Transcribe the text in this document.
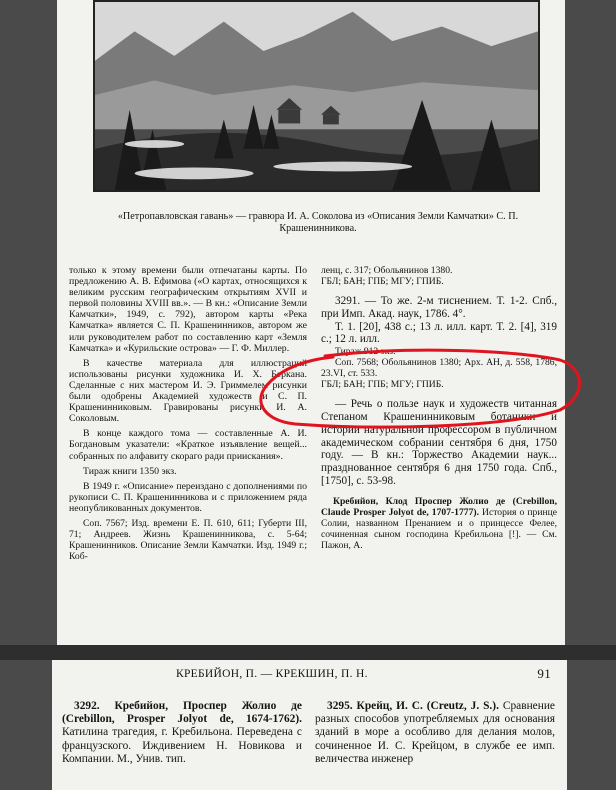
«Петропавловская гавань» — гравюра И. А. Соколова из «Описания Земли Камчатки» С. П. Крашенинникова.

только к этому времени были отпечатаны карты. По предложению А. В. Ефимова («О картах, относящихся к великим русским географическим открытиям XVII и первой половины XVIII вв.». — В кн.: «Описание Земли Камчатки», 1949, с. 792), автором карты «Река Камчатка» является С. П. Крашенинников, автором же или руководителем работ по составлению карт «Земля Камчатка» и «Курильские острова» — Г. Ф. Миллер.

В качестве материала для иллюстраций использованы рисунки художника И. Х. Беркана. Сделанные с них мастером И. Э. Гриммелем рисунки были одобрены Академией художеств и С. П. Крашенинниковым. Гравированы рисунки И. А. Соколовым.

В конце каждого тома — составленные А. И. Богдановым указатели: «Краткое изъявление вещей... собранных по алфавиту скораго ради приискания».

Тираж книги 1350 экз.

В 1949 г. «Описание» переиздано с дополнениями по рукописи С. П. Крашенинникова и с приложением ряда неопубликованных документов.

Соп. 7567; Изд. времени Е. П. 610, 611; Губерти III, 71; Андреев. Жизнь Крашенинникова, с. 5-64; Крашенинников. Описание Земли Камчатки. Изд. 1949 г.; Коб-

ленц, с. 317; Обольянинов 1380.

ГБЛ; БАН; ГПБ; МГУ; ГПИБ.

3291. — То же. 2-м тиснением. Т. 1-2. Спб., при Имп. Акад. наук, 1786. 4°.

Т. 1. [20], 438 с.; 13 л. илл. карт. Т. 2. [4], 319 с.; 12 л. илл.

Тираж 912 экз.

Соп. 7568; Обольянинов 1380; Арх. АН, д. 558, 1786, 23.VI, ст. 533.

ГБЛ; БАН; ГПБ; МГУ; ГПИБ.

— Речь о пользе наук и художеств читанная Степаном Крашенинниковым ботаники и истории натуральной профессором в публичном академическом собрании сентября 6 дня, 1750 году. — В кн.: Торжество Академии наук... празднованное сентября 6 дня 1750 года. Спб., [1750], с. 53-98.

Кребийон, Клод Проспер Жолио де (Crebillon, Claude Prosper Jolyot de, 1707-1777). История о принце Солии, названном Пренанием и о принцессе Фелее, сочиненная сыном господина Кребильона [!]. — См. Пажон, А.

КРЕБИЙОН, П. — КРЕКШИН, П. Н.	91

3292. Кребийон, Проспер Жолио де (Crebillon, Prosper Jolyot de, 1674-1762). Катилина трагедия, г. Кребильона. Переведена с французского. Иждивением Н. Новикова и Компании. М., Унив. тип.

3295. Крейц, И. С. (Creutz, J. S.). Сравнение разных способов употребляемых для основания зданий в море а особливо для делания молов, сочиненное И. С. Крейцом, в службе ее имп. величества инженер
